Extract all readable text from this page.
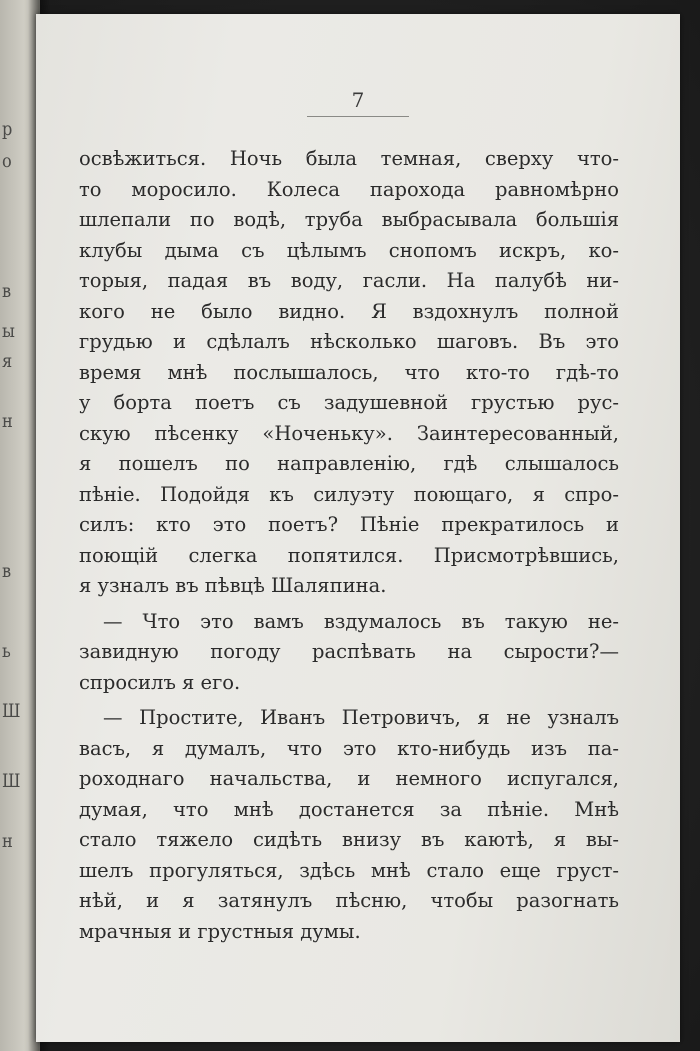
р
о
в
ы
я
н
в
ь
Ш
Ш
н
7
освѣжиться. Ночь была темная, сверху что-
то моросило. Колеса парохода равномѣрно
шлепали по водѣ, труба выбрасывала большія
клубы дыма съ цѣлымъ снопомъ искръ, ко-
торыя, падая въ воду, гасли. На палубѣ ни-
кого не было видно. Я вздохнулъ полной
грудью и сдѣлалъ нѣсколько шаговъ. Въ это
время мнѣ послышалось, что кто-то гдѣ-то
у борта поетъ съ задушевной грустью рус-
скую пѣсенку «Ноченьку». Заинтересованный,
я пошелъ по направленію, гдѣ слышалось
пѣніе. Подойдя къ силуэту поющаго, я спро-
силъ: кто это поетъ? Пѣніе прекратилось и
поющій слегка попятился. Присмотрѣвшись,
я узналъ въ пѣвцѣ Шаляпина.
— Что это вамъ вздумалось въ такую не-
завидную погоду распѣвать на сырости?—
спросилъ я его.
— Простите, Иванъ Петровичъ, я не узналъ
васъ, я думалъ, что это кто-нибудь изъ па-
роходнаго начальства, и немного испугался,
думая, что мнѣ достанется за пѣніе. Мнѣ
стало тяжело сидѣть внизу въ каютѣ, я вы-
шелъ прогуляться, здѣсь мнѣ стало еще груст-
нѣй, и я затянулъ пѣсню, чтобы разогнать
мрачныя и грустныя думы.
